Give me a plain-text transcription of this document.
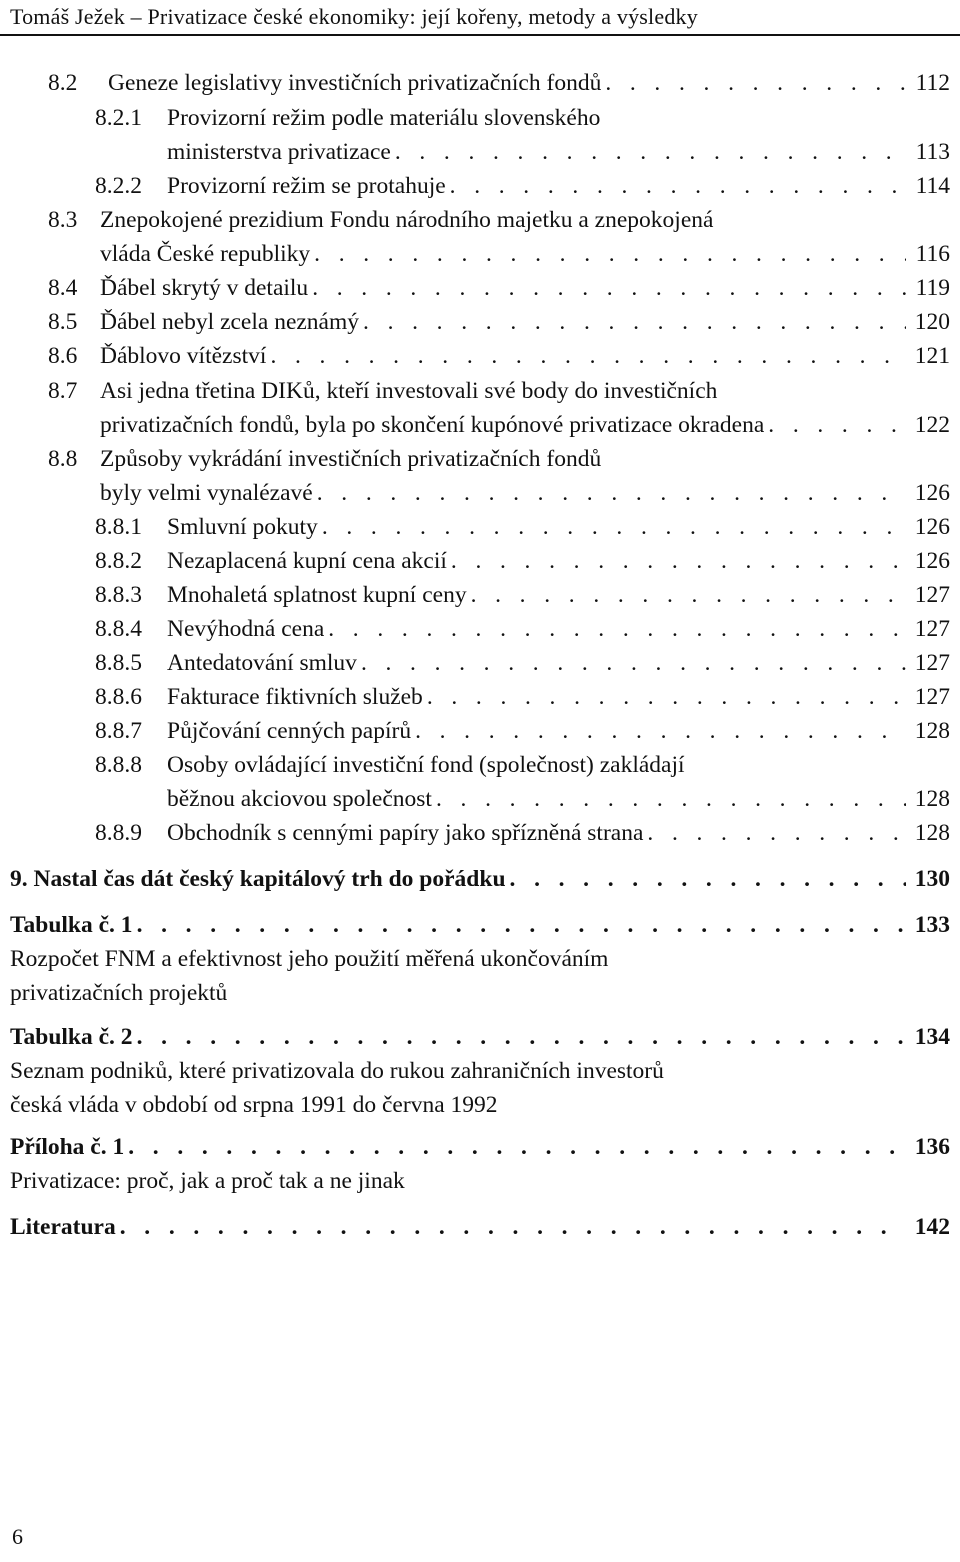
Tomáš Ježek – Privatizace české ekonomiky: její kořeny, metody a výsledky
8.2	Geneze legislativy investičních privatizačních fondů . . .	112
8.2.1	Provizorní režim podle materiálu slovenského
ministerstva privatizace . . .	113
8.2.2	Provizorní režim se protahuje . . .	114
8.3 Znepokojené prezidium Fondu národního majetku a znepokojená
vláda České republiky . . .	116
8.4 Ďábel skrytý v detailu . . .	119
8.5 Ďábel nebyl zcela neznámý . . .	120
8.6 Ďáblovo vítězství . . .	121
8.7 Asi jedna třetina DIKů, kteří investovali své body do investičních
privatizačních fondů, byla po skončení kupónové privatizace okradena . . .	122
8.8 Způsoby vykrádání investičních privatizačních fondů
byly velmi vynalézavé . . .	126
8.8.1	Smluvní pokuty . . .	126
8.8.2	Nezaplacená kupní cena akcií . . .	126
8.8.3	Mnohaletá splatnost kupní ceny . . .	127
8.8.4	Nevýhodná cena . . .	127
8.8.5	Antedatování smluv . . .	127
8.8.6	Fakturace fiktivních služeb . . .	127
8.8.7	Půjčování cenných papírů . . .	128
8.8.8	Osoby ovládající investiční fond (společnost) zakládají
běžnou akciovou společnost . . .	128
8.8.9	Obchodník s cennými papíry jako spřízněná strana . . .	128
9. Nastal čas dát český kapitálový trh do pořádku . . .	130
Tabulka č. 1 . . .	133
Rozpočet FNM a efektivnost jeho použití měřená ukončováním
privatizačních projektů
Tabulka č. 2 . . .	134
Seznam podniků, které privatizovala do rukou zahraničních investorů
česká vláda v období od srpna 1991 do června 1992
Příloha č. 1 . . .	136
Privatizace: proč, jak a proč tak a ne jinak
Literatura . . .	142
6
